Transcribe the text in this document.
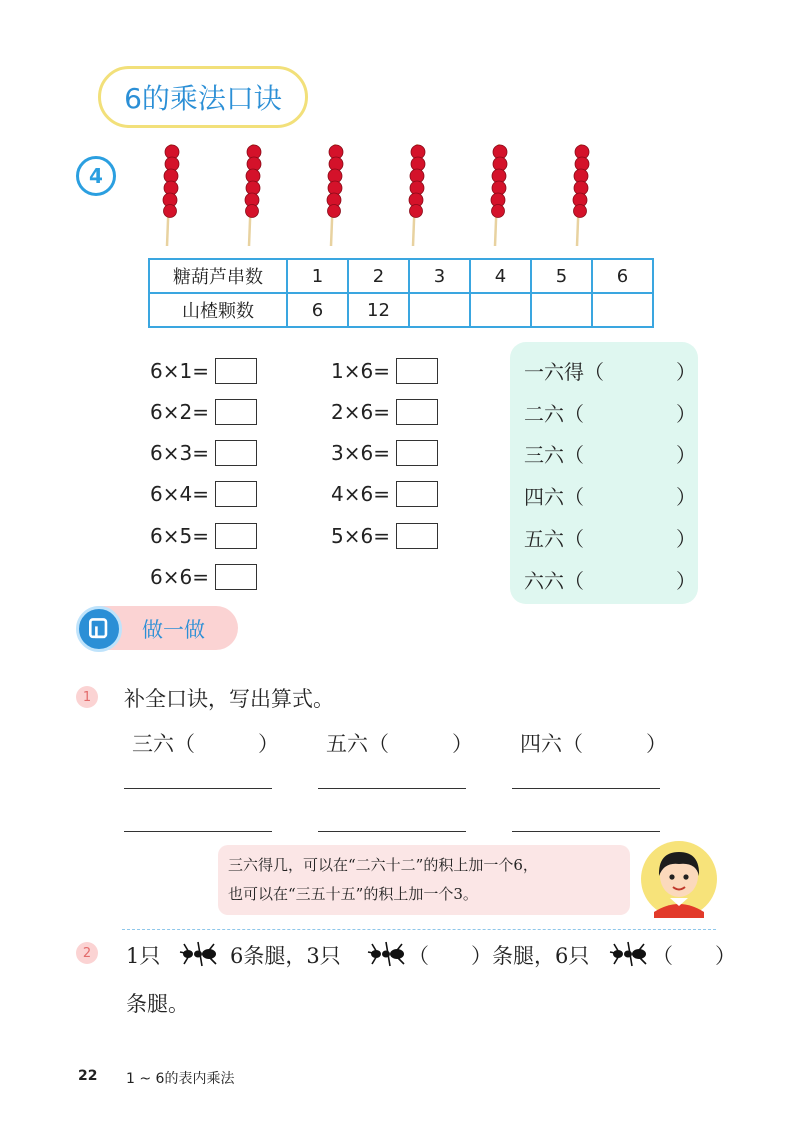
6的乘法口诀
4
糖葫芦串数	1	2	3	4	5	6
山楂颗数	6	12				
6×1=
6×2=
6×3=
6×4=
6×5=
6×6=
1×6=
2×6=
3×6=
4×6=
5×6=
一六得（	）
二六（	）
三六（	）
四六（	）
五六（	）
六六（	）
做一做
1	补全口诀，写出算式。
三六（	） 五六（	） 四六（	）
三六得几，可以在“二六十二”的积上加一个6，
也可以在“三五十五”的积上加一个3。
2	1只	6条腿，3只	（　　）条腿，6只	（　　）
条腿。
22 1 ~ 6的表内乘法
